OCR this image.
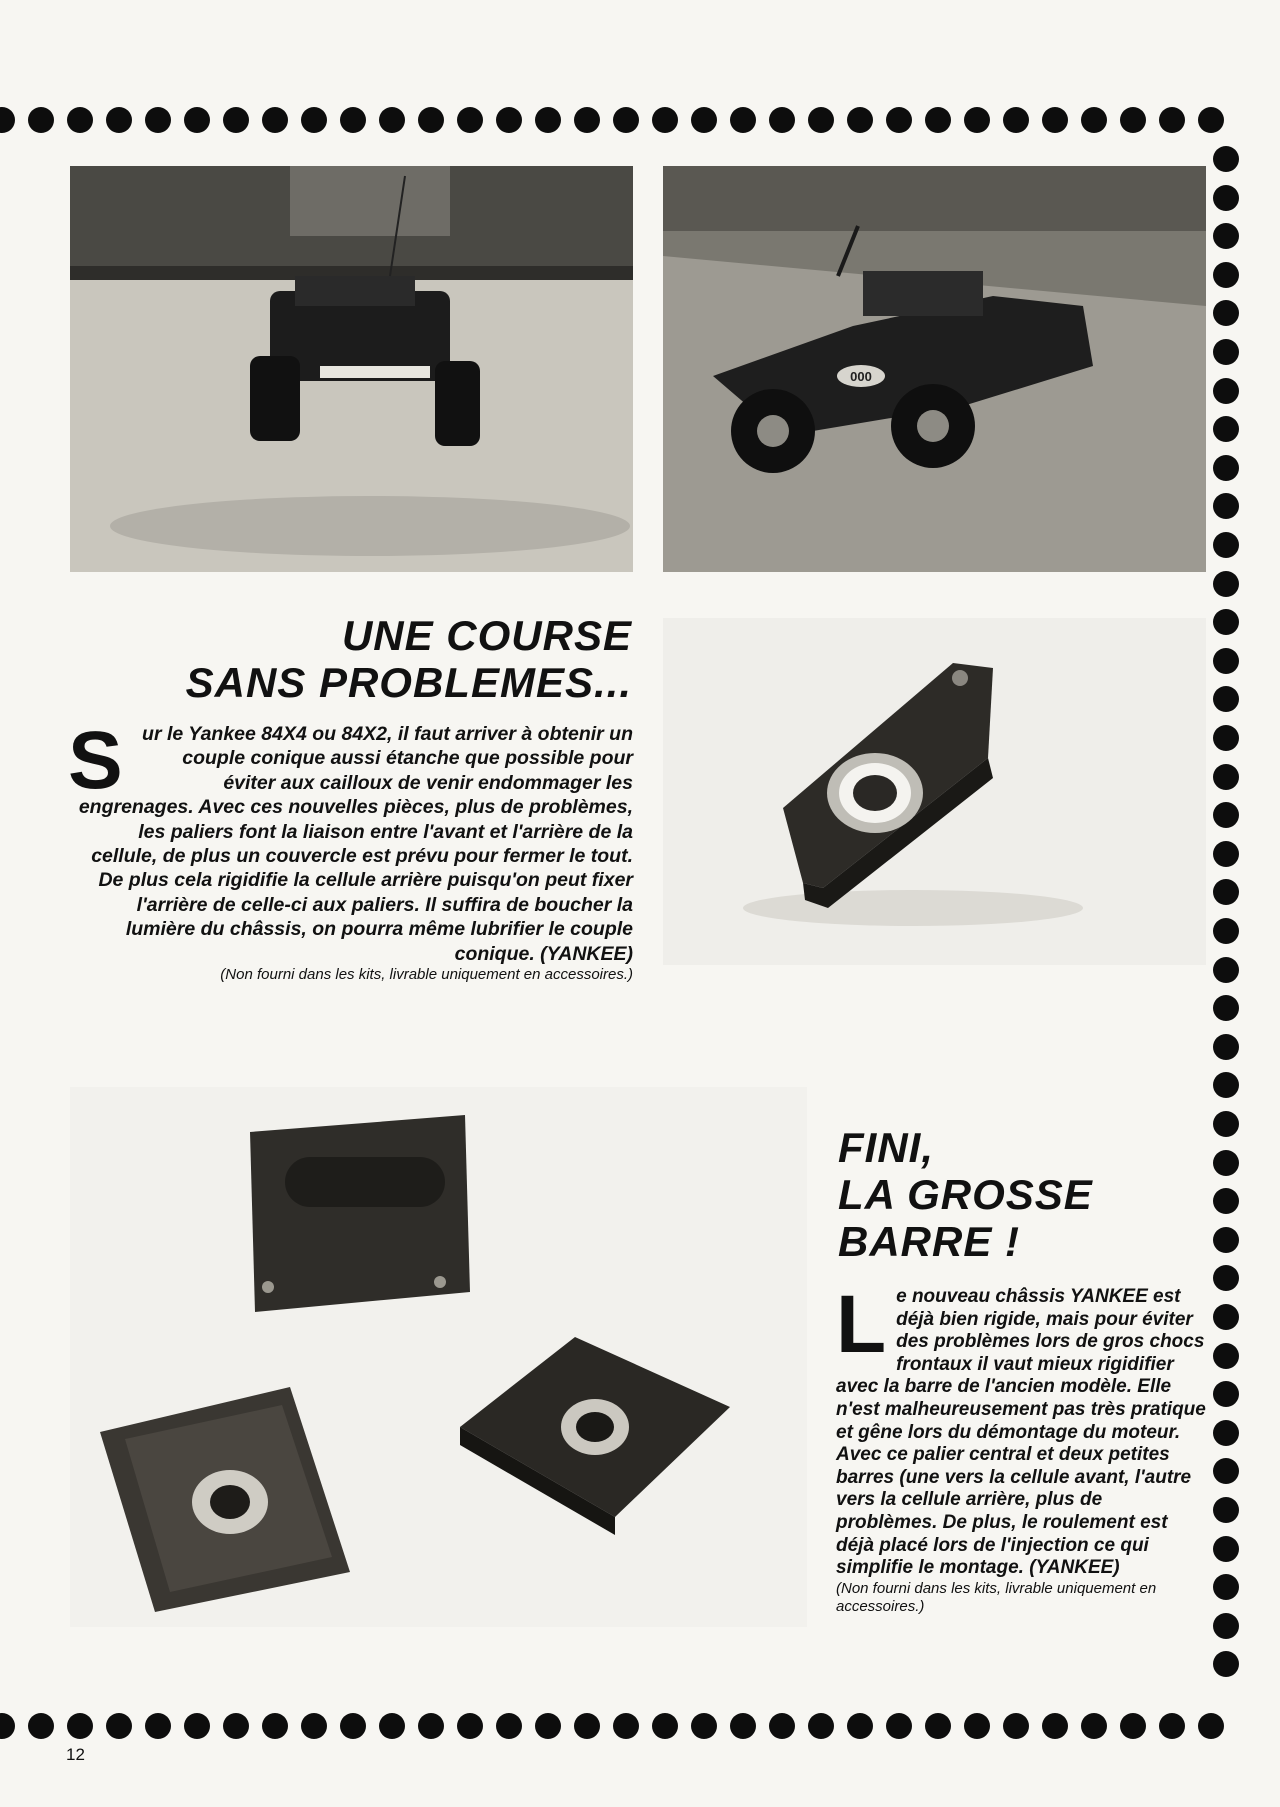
000
UNE COURSE
SANS PROBLEMES...

Sur le Yankee 84X4 ou 84X2, il faut arriver à obtenir un couple conique aussi étanche que possible pour éviter aux cailloux de venir endommager les engrenages. Avec ces nouvelles pièces, plus de problèmes, les paliers font la liaison entre l'avant et l'arrière de la cellule, de plus un couvercle est prévu pour fermer le tout. De plus cela rigidifie la cellule arrière puisqu'on peut fixer l'arrière de celle-ci aux paliers. Il suffira de boucher la lumière du châssis, on pourra même lubrifier le couple conique. (YANKEE)
(Non fourni dans les kits, livrable uniquement en accessoires.)

FINI,
LA GROSSE
BARRE !

Le nouveau châssis YANKEE est déjà bien rigide, mais pour éviter des problèmes lors de gros chocs frontaux il vaut mieux rigidifier avec la barre de l'ancien modèle. Elle n'est malheureusement pas très pratique et gêne lors du démontage du moteur. Avec ce palier central et deux petites barres (une vers la cellule avant, l'autre vers la cellule arrière, plus de problèmes. De plus, le roulement est déjà placé lors de l'injection ce qui simplifie le montage. (YANKEE)
(Non fourni dans les kits, livrable uniquement en accessoires.)

12
